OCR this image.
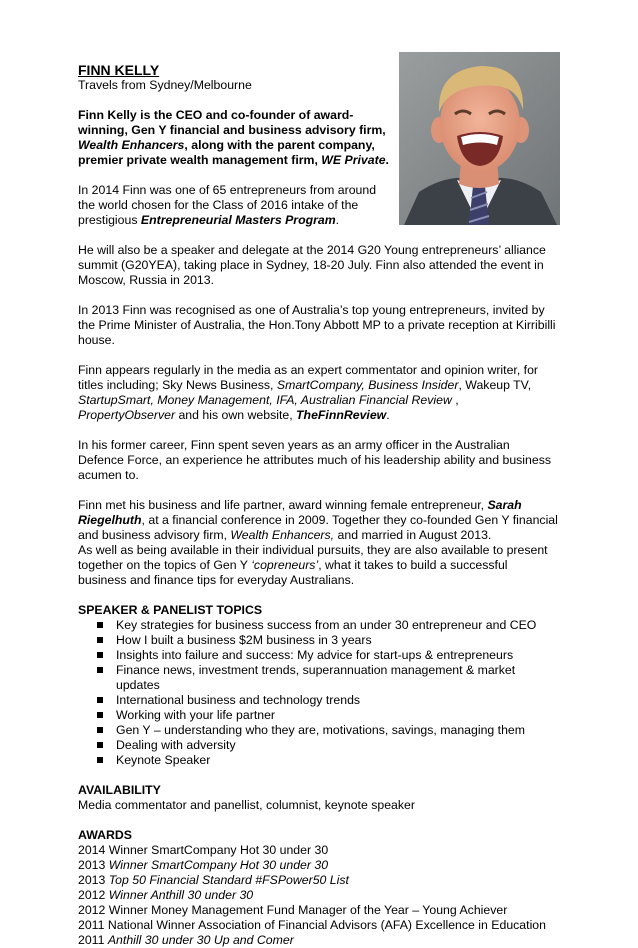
FINN KELLY

Travels from Sydney/Melbourne

Finn Kelly is the CEO and co-founder of award-winning, Gen Y financial and business advisory firm, Wealth Enhancers, along with the parent company, premier private wealth management firm, WE Private.

In 2014 Finn was one of 65 entrepreneurs from around the world chosen for the Class of 2016 intake of the prestigious Entrepreneurial Masters Program.

He will also be a speaker and delegate at the 2014 G20 Young entrepreneurs’ alliance summit (G20YEA), taking place in Sydney, 18-20 July. Finn also attended the event in Moscow, Russia in 2013.

In 2013 Finn was recognised as one of Australia’s top young entrepreneurs, invited by the Prime Minister of Australia, the Hon.Tony Abbott MP to a private reception at Kirribilli house.

Finn appears regularly in the media as an expert commentator and opinion writer, for titles including; Sky News Business, SmartCompany, Business Insider, Wakeup TV, StartupSmart, Money Management, IFA, Australian Financial Review , PropertyObserver and his own website, TheFinnReview.

In his former career, Finn spent seven years as an army officer in the Australian Defence Force, an experience he attributes much of his leadership ability and business acumen to.

Finn met his business and life partner, award winning female entrepreneur, Sarah Riegelhuth, at a financial conference in 2009. Together they co-founded Gen Y financial and business advisory firm, Wealth Enhancers, and married in August 2013.

As well as being available in their individual pursuits, they are also available to present together on the topics of Gen Y ‘copreneurs’, what it takes to build a successful business and finance tips for everyday Australians.

SPEAKER & PANELIST TOPICS
Key strategies for business success from an under 30 entrepreneur and CEO
How I built a business $2M business in 3 years
Insights into failure and success: My advice for start-ups & entrepreneurs
Finance news, investment trends, superannuation management & market updates
International business and technology trends
Working with your life partner
Gen Y – understanding who they are, motivations, savings, managing them
Dealing with adversity
Keynote Speaker
AVAILABILITY

Media commentator and panellist, columnist, keynote speaker

AWARDS
2014 Winner SmartCompany Hot 30 under 30
2013 Winner SmartCompany Hot 30 under 30
2013 Top 50 Financial Standard #FSPower50 List
2012 Winner Anthill 30 under 30
2012 Winner Money Management Fund Manager of the Year – Young Achiever
2011 National Winner Association of Financial Advisors (AFA) Excellence in Education
2011 Anthill 30 under 30 Up and Comer
